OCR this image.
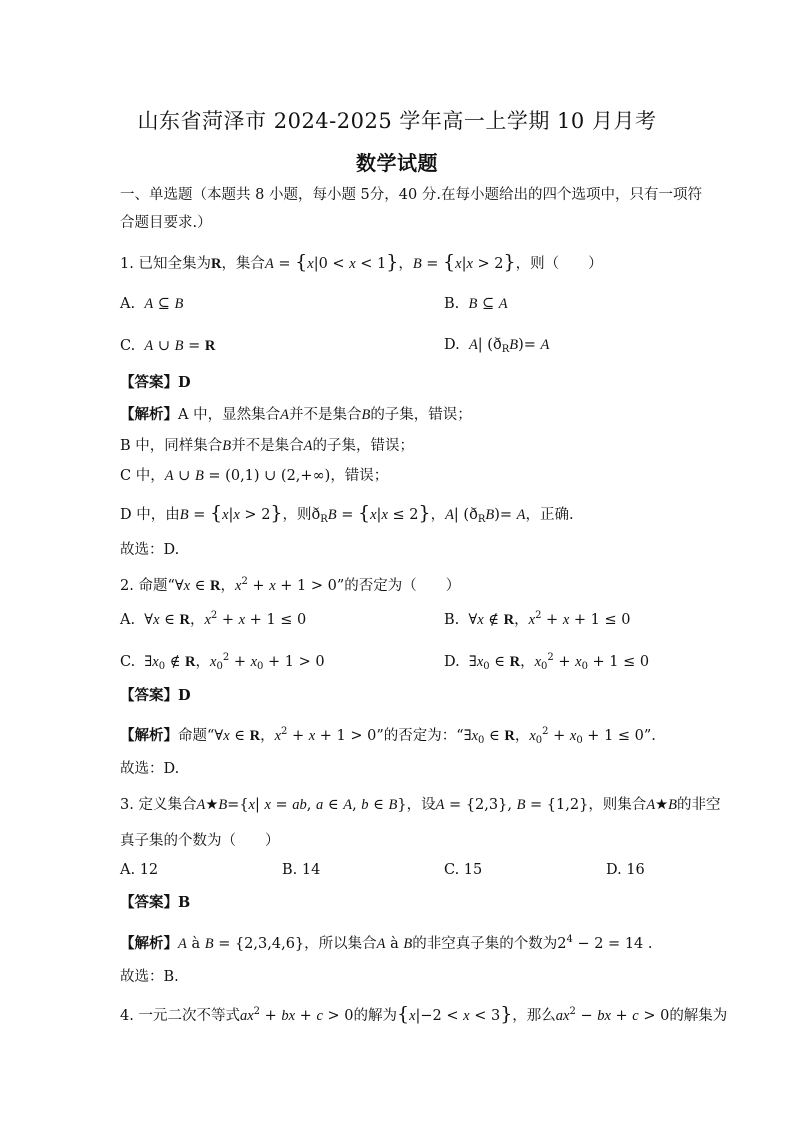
山东省菏泽市 2024-2025 学年高一上学期 10 月月考
数学试题
一、单选题（本题共 8 小题，每小题 5分，40 分.在每小题给出的四个选项中，只有一项符
合题目要求.）
1. 已知全集为R，集合A = {x|0 < x < 1}，B = {x|x > 2}，则（　　）
A. A ⊆ B	B. B ⊆ A
C. A ∪ B = R	D. A| $(ð_RB)= A$
【答案】D
【解析】A 中，显然集合A并不是集合B的子集，错误；
B 中，同样集合B并不是集合A的子集，错误；
C 中，A ∪ B = (0,1) ∪ (2,+∞)，错误；
D 中，由B = {x|x > 2}，则$ð_RB = \{x|x \le 2\}$，A| $(ð_RB)= A$，正确.
故选：D.
2. 命题“∀x ∈ R，$x^2 + x + 1 > 0$”的否定为（　　）
A.  ∀x ∈ R，$x^2 + x + 1 \le 0$	B.  ∀x ∉ R，$x^2 + x + 1 \le 0$
C.  $\exists x_0$ ∉ R，$x_0^2 + x_0 + 1 > 0$	D.  $\exists x_0$ ∈ R，$x_0^2 + x_0 + 1 \le 0$
【答案】D
【解析】命题“∀x ∈ R，$x^2 + x + 1 > 0$”的否定为：“$\exists x_0$ ∈ R，$x_0^2 + x_0 + 1 \le 0$”.
故选：D.
3. 定义集合A★B={x| x = ab, a ∈ A, b ∈ B}，设A = {2,3}, B = {1,2}，则集合A★B的非空
真子集的个数为（　　）
A. 12	B. 14	C. 15	D. 16
【答案】B
【解析】A à B = {2,3,4,6}，所以集合A à B的非空真子集的个数为$2^4 - 2 = 14$ .
故选：B.
4. 一元二次不等式$ax^2$ + bx + c > 0的解为{x|−2 < x < 3}，那么$ax^2$ − bx + c > 0的解集为
